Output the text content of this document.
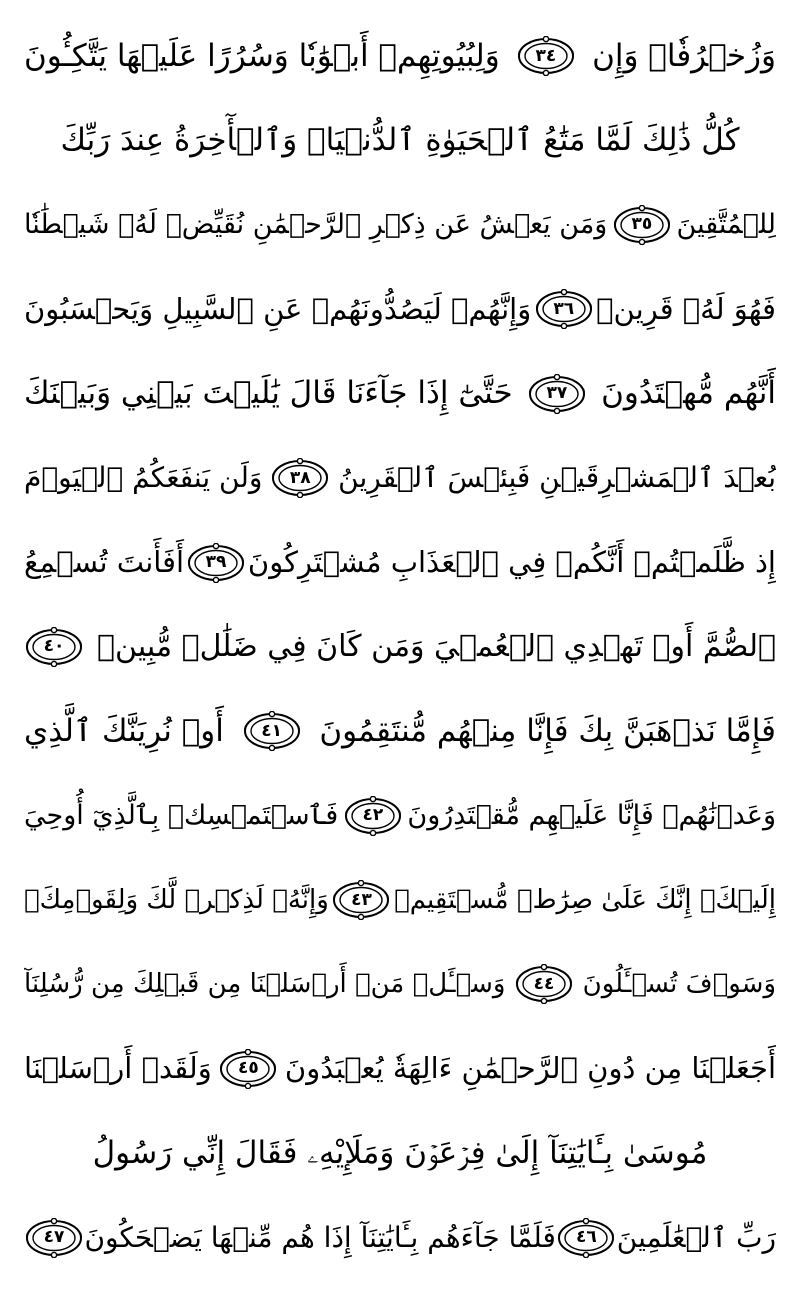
وَزُخۡرُفٗاۚ وَإِن
٣٤
وَلِبُيُوتِهِمۡ أَبۡوَٰبٗا وَسُرُرًا عَلَيۡهَا يَتَّكِـُٔونَ
كُلُّ ذَٰلِكَ لَمَّا مَتَٰعُ ٱلۡحَيَوٰةِ ٱلدُّنۡيَاۚ وَٱلۡأٓخِرَةُ عِندَ رَبِّكَ
لِلۡمُتَّقِينَ
٣٥
وَمَن يَعۡشُ عَن ذِكۡرِ ٱلرَّحۡمَٰنِ نُقَيِّضۡ لَهُۥ شَيۡطَٰنٗا
فَهُوَ لَهُۥ قَرِينٞ
٣٦
وَإِنَّهُمۡ لَيَصُدُّونَهُمۡ عَنِ ٱلسَّبِيلِ وَيَحۡسَبُونَ
أَنَّهُم مُّهۡتَدُونَ
٣٧
حَتَّىٰٓ إِذَا جَآءَنَا قَالَ يَٰلَيۡتَ بَيۡنِي وَبَيۡنَكَ
بُعۡدَ ٱلۡمَشۡرِقَيۡنِ فَبِئۡسَ ٱلۡقَرِينُ
٣٨
وَلَن يَنفَعَكُمُ ٱلۡيَوۡمَ
إِذ ظَّلَمۡتُمۡ أَنَّكُمۡ فِي ٱلۡعَذَابِ مُشۡتَرِكُونَ
٣٩
أَفَأَنتَ تُسۡمِعُ
ٱلصُّمَّ أَوۡ تَهۡدِي ٱلۡعُمۡيَ وَمَن كَانَ فِي ضَلَٰلٖ مُّبِينٖ
٤٠
فَإِمَّا نَذۡهَبَنَّ بِكَ فَإِنَّا مِنۡهُم مُّنتَقِمُونَ
٤١
أَوۡ نُرِيَنَّكَ ٱلَّذِي
وَعَدۡنَٰهُمۡ فَإِنَّا عَلَيۡهِم مُّقۡتَدِرُونَ
٤٢
فَٱسۡتَمۡسِكۡ بِٱلَّذِيٓ أُوحِيَ
إِلَيۡكَۖ إِنَّكَ عَلَىٰ صِرَٰطٖ مُّسۡتَقِيمٖ
٤٣
وَإِنَّهُۥ لَذِكۡرٞ لَّكَ وَلِقَوۡمِكَۖ
وَسَوۡفَ تُسۡـَٔلُونَ
٤٤
وَسۡـَٔلۡ مَنۡ أَرۡسَلۡنَا مِن قَبۡلِكَ مِن رُّسُلِنَآ
أَجَعَلۡنَا مِن دُونِ ٱلرَّحۡمَٰنِ ءَالِهَةٗ يُعۡبَدُونَ
٤٥
وَلَقَدۡ أَرۡسَلۡنَا
مُوسَىٰ بِـَٔايَٰتِنَآ إِلَىٰ فِرۡعَوۡنَ وَمَلَإِيْهِۦ فَقَالَ إِنِّي رَسُولُ
رَبِّ ٱلۡعَٰلَمِينَ
٤٦
فَلَمَّا جَآءَهُم بِـَٔايَٰتِنَآ إِذَا هُم مِّنۡهَا يَضۡحَكُونَ
٤٧
